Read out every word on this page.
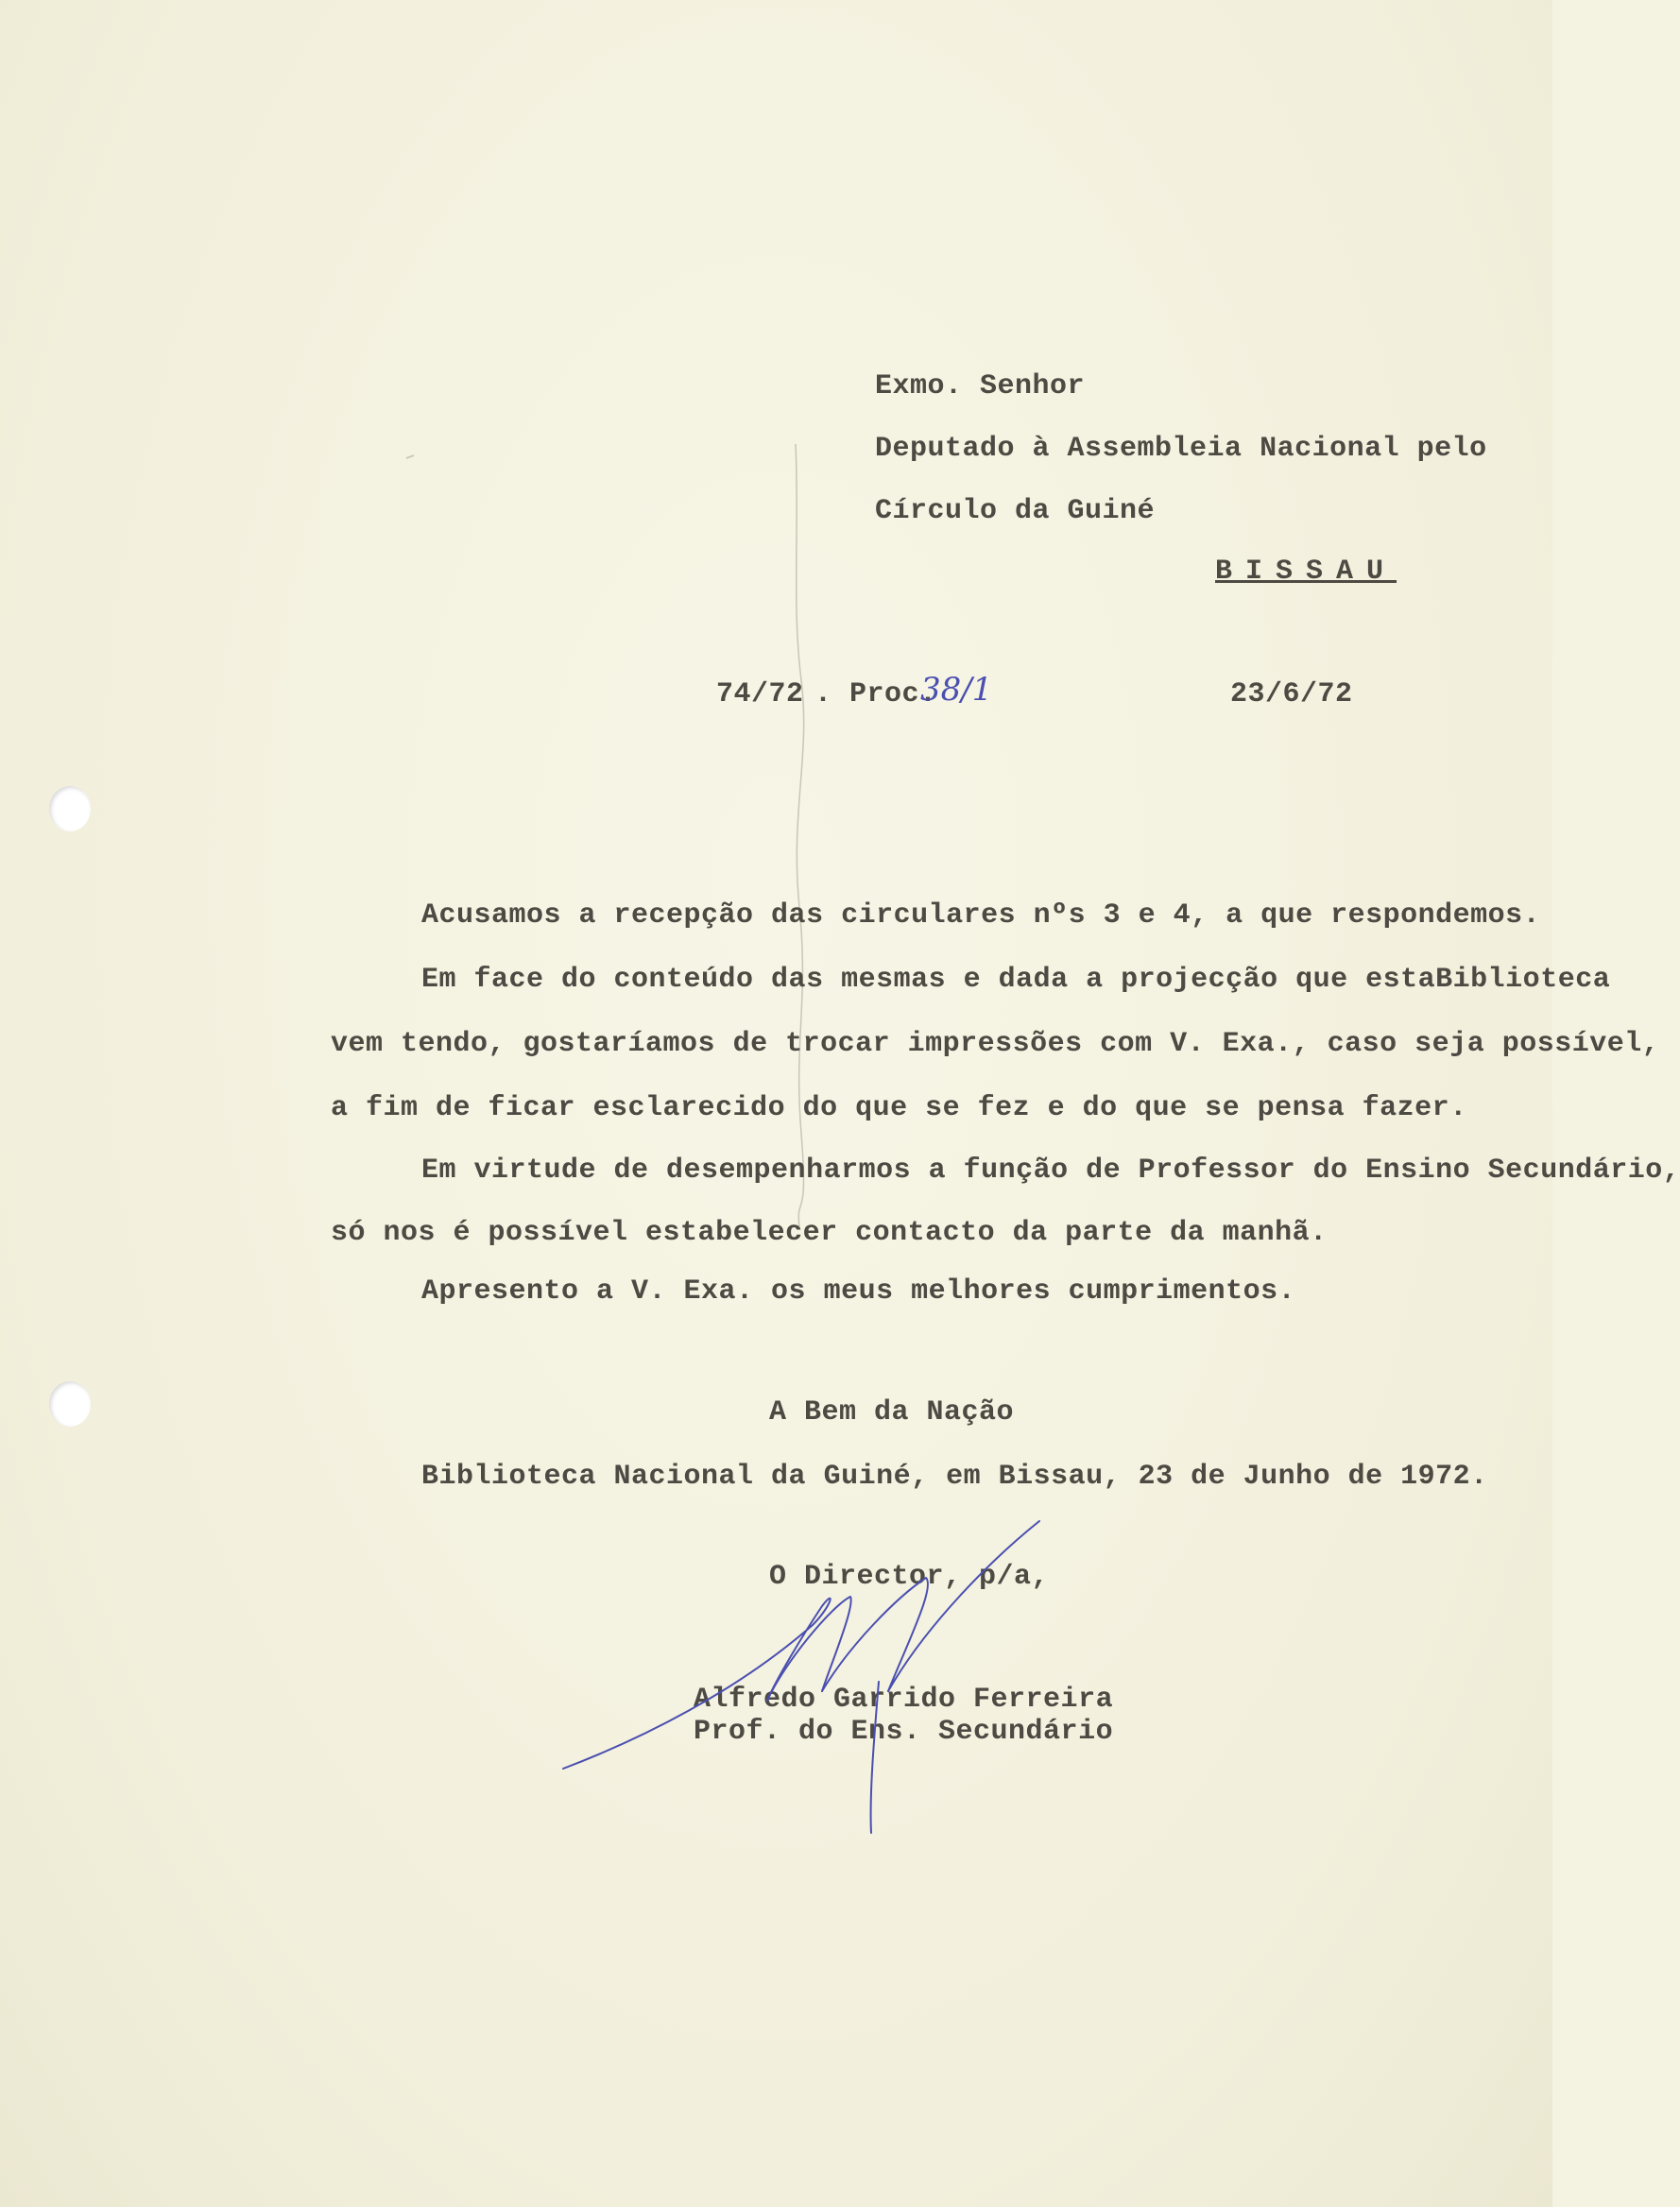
Exmo. Senhor
Deputado à Assembleia Nacional pelo
Círculo da Guiné
BISSAU
74/72 . Proc.
38/1	23/6/72
Acusamos a recepção das circulares nºs 3 e 4, a que respondemos.
Em face do conteúdo das mesmas e dada a projecção que estaBiblioteca
vem tendo, gostaríamos de trocar impressões com V. Exa., caso seja possível,
a fim de ficar esclarecido do que se fez e do que se pensa fazer.
Em virtude de desempenharmos a função de Professor do Ensino Secundário,
só nos é possível estabelecer contacto da parte da manhã.
Apresento a V. Exa. os meus melhores cumprimentos.
A Bem da Nação
Biblioteca Nacional da Guiné, em Bissau, 23 de Junho de 1972.
O Director, p/a,
Alfredo Garrido Ferreira
Prof. do Ens. Secundário
